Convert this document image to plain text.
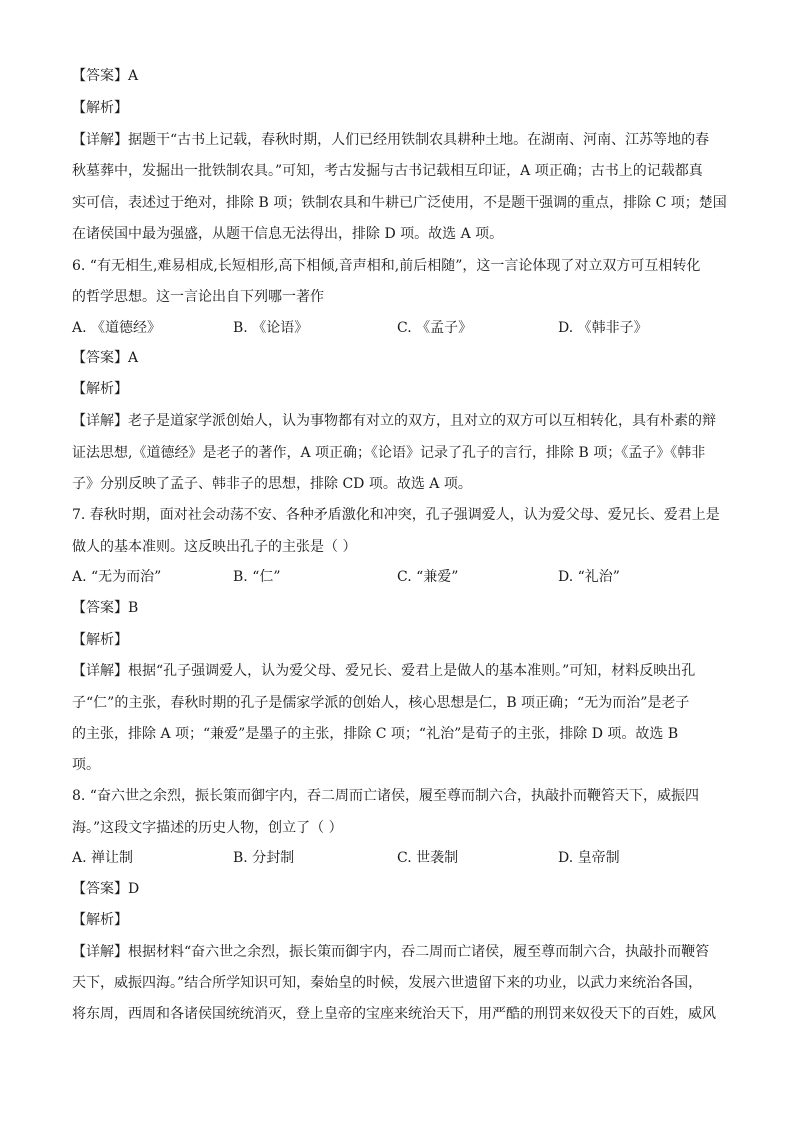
【答案】A
【解析】
【详解】据题干“古书上记载，春秋时期，人们已经用铁制农具耕种土地。在湖南、河南、江苏等地的春
秋墓葬中，发掘出一批铁制农具。”可知，考古发掘与古书记载相互印证，A 项正确；古书上的记载都真
实可信，表述过于绝对，排除 B 项；铁制农具和牛耕已广泛使用，不是题干强调的重点，排除 C 项；楚国
在诸侯国中最为强盛，从题干信息无法得出，排除 D 项。故选 A 项。
6. “有无相生,难易相成,长短相形,高下相倾,音声相和,前后相随”，这一言论体现了对立双方可互相转化
的哲学思想。这一言论出自下列哪一著作
A. 《道德经》	B. 《论语》	C. 《孟子》	D. 《韩非子》
【答案】A
【解析】
【详解】老子是道家学派创始人，认为事物都有对立的双方，且对立的双方可以互相转化，具有朴素的辩
证法思想,《道德经》是老子的著作，A 项正确；《论语》记录了孔子的言行，排除 B 项；《孟子》《韩非
子》分别反映了孟子、韩非子的思想，排除 CD 项。故选 A 项。
7. 春秋时期，面对社会动荡不安、各种矛盾激化和冲突，孔子强调爱人，认为爱父母、爱兄长、爱君上是
做人的基本准则。这反映出孔子的主张是（ ）
A. “无为而治”	B. “仁”	C. “兼爱”	D. “礼治”
【答案】B
【解析】
【详解】根据“孔子强调爱人，认为爱父母、爱兄长、爱君上是做人的基本准则。”可知，材料反映出孔
子“仁”的主张，春秋时期的孔子是儒家学派的创始人，核心思想是仁，B 项正确；“无为而治”是老子
的主张，排除 A 项；“兼爱”是墨子的主张，排除 C 项；“礼治”是荀子的主张，排除 D 项。故选 B
项。
8. “奋六世之余烈，振长策而御宇内，吞二周而亡诸侯，履至尊而制六合，执敲扑而鞭笞天下，威振四
海。”这段文字描述的历史人物，创立了（ ）
A. 禅让制	B. 分封制	C. 世袭制	D. 皇帝制
【答案】D
【解析】
【详解】根据材料“奋六世之余烈，振长策而御宇内，吞二周而亡诸侯，履至尊而制六合，执敲扑而鞭笞
天下，威振四海。”结合所学知识可知，秦始皇的时候，发展六世遗留下来的功业，以武力来统治各国，
将东周，西周和各诸侯国统统消灭，登上皇帝的宝座来统治天下，用严酷的刑罚来奴役天下的百姓，威风
